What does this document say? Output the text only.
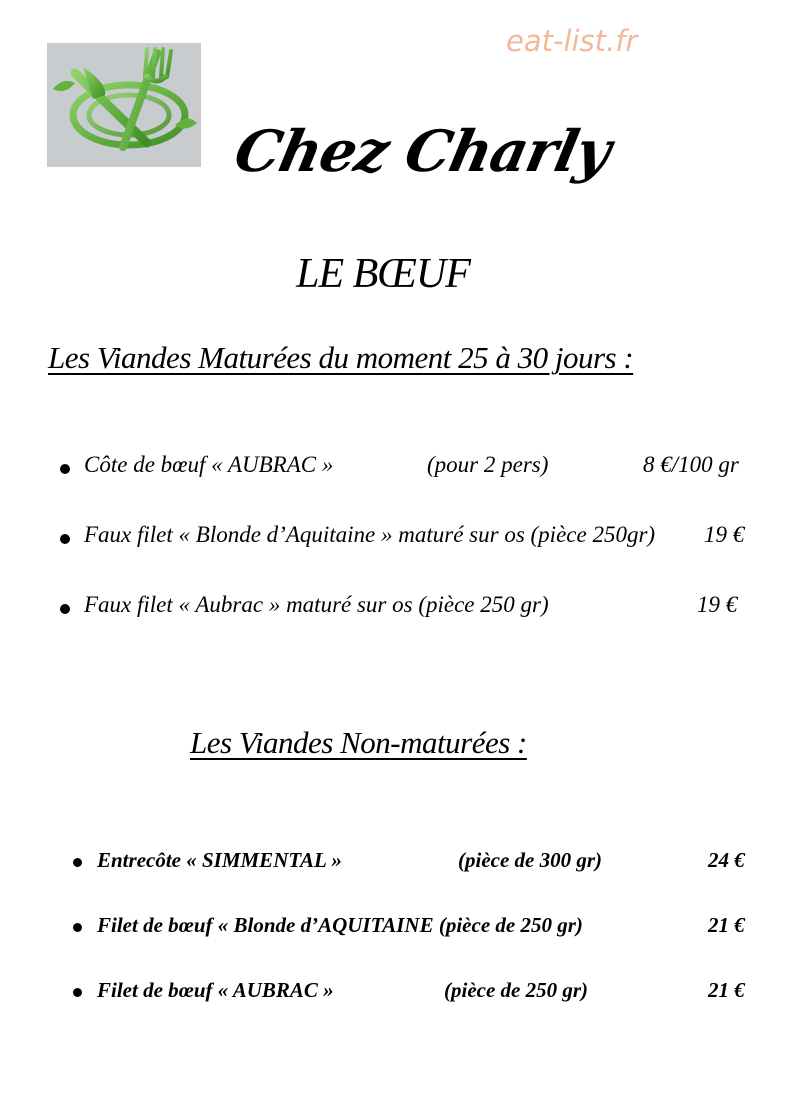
eat-list.fr
Chez Charly
LE BŒUF
Les Viandes Maturées du moment 25 à 30 jours :
Côte de bœuf « AUBRAC »	(pour 2 pers)	8 €/100 gr
Faux filet « Blonde d’Aquitaine » maturé sur os (pièce 250gr) 19 €
Faux filet « Aubrac » maturé sur os (pièce 250 gr)	19 €
Les Viandes Non-maturées :
Entrecôte « SIMMENTAL »	(pièce de 300 gr)	24 €
Filet de bœuf « Blonde d’AQUITAINE (pièce de 250 gr)	21 €
Filet de bœuf « AUBRAC »	(pièce de 250 gr)	21 €
